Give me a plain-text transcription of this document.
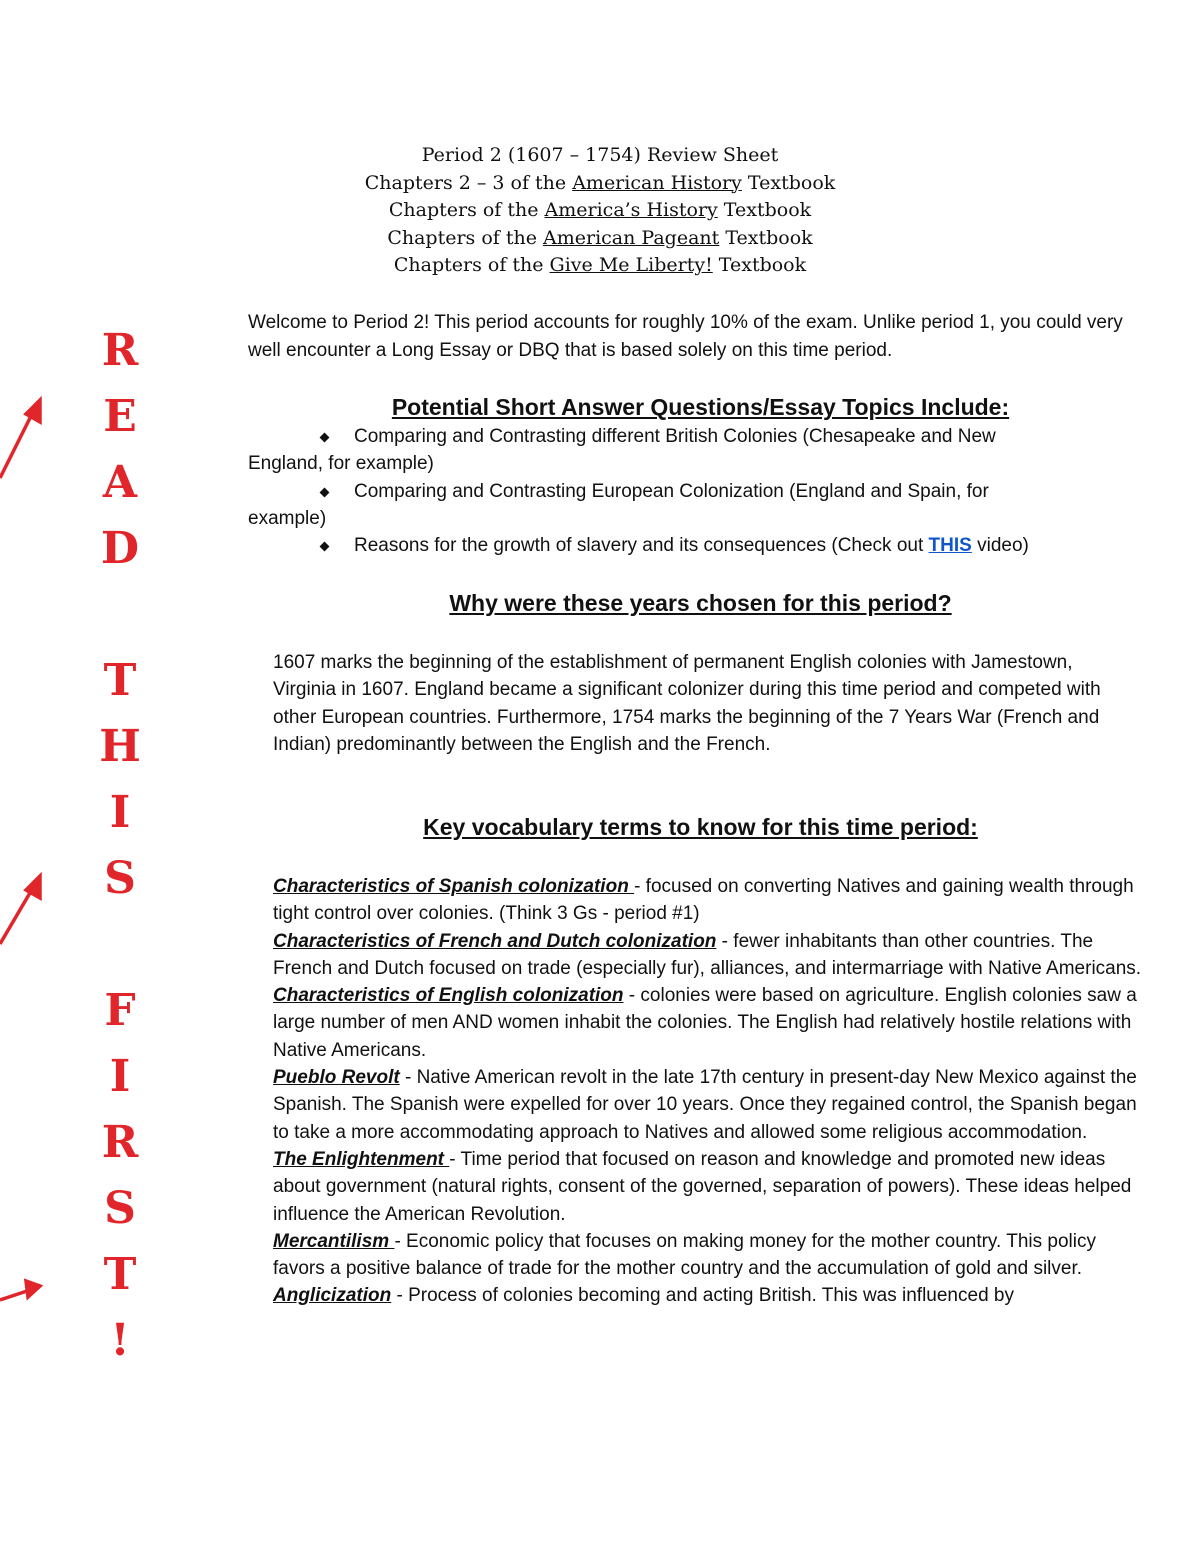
Period 2 (1607 – 1754) Review Sheet
Chapters 2 – 3 of the American History Textbook
Chapters of the America’s History Textbook
Chapters of the American Pageant Textbook
Chapters of the Give Me Liberty! Textbook
Welcome to Period 2! This period accounts for roughly 10% of the exam. Unlike period 1, you could very well encounter a Long Essay or DBQ that is based solely on this time period.
Potential Short Answer Questions/Essay Topics Include:
Comparing and Contrasting different British Colonies (Chesapeake and New
England, for example)
Comparing and Contrasting European Colonization (England and Spain, for
example)
Reasons for the growth of slavery and its consequences (Check out THIS video)
Why were these years chosen for this period?
1607 marks the beginning of the establishment of permanent English colonies with Jamestown, Virginia in 1607. England became a significant colonizer during this time period and competed with other European countries. Furthermore, 1754 marks the beginning of the 7 Years War (French and Indian) predominantly between the English and the French.
Key vocabulary terms to know for this time period:

Characteristics of Spanish colonization - focused on converting Natives and gaining wealth through tight control over colonies. (Think 3 Gs - period #1)

Characteristics of French and Dutch colonization - fewer inhabitants than other countries. The French and Dutch focused on trade (especially fur), alliances, and intermarriage with Native Americans.

Characteristics of English colonization - colonies were based on agriculture. English colonies saw a large number of men AND women inhabit the colonies. The English had relatively hostile relations with Native Americans.

Pueblo Revolt - Native American revolt in the late 17th century in present-day New Mexico against the Spanish. The Spanish were expelled for over 10 years. Once they regained control, the Spanish began to take a more accommodating approach to Natives and allowed some religious accommodation.

The Enlightenment - Time period that focused on reason and knowledge and promoted new ideas about government (natural rights, consent of the governed, separation of powers). These ideas helped influence the American Revolution.

Mercantilism - Economic policy that focuses on making money for the mother country. This policy favors a positive balance of trade for the mother country and the accumulation of gold and silver.

Anglicization - Process of colonies becoming and acting British. This was influenced by

R
E
A
D
T
H
I
S
F
I
R
S
T
!
